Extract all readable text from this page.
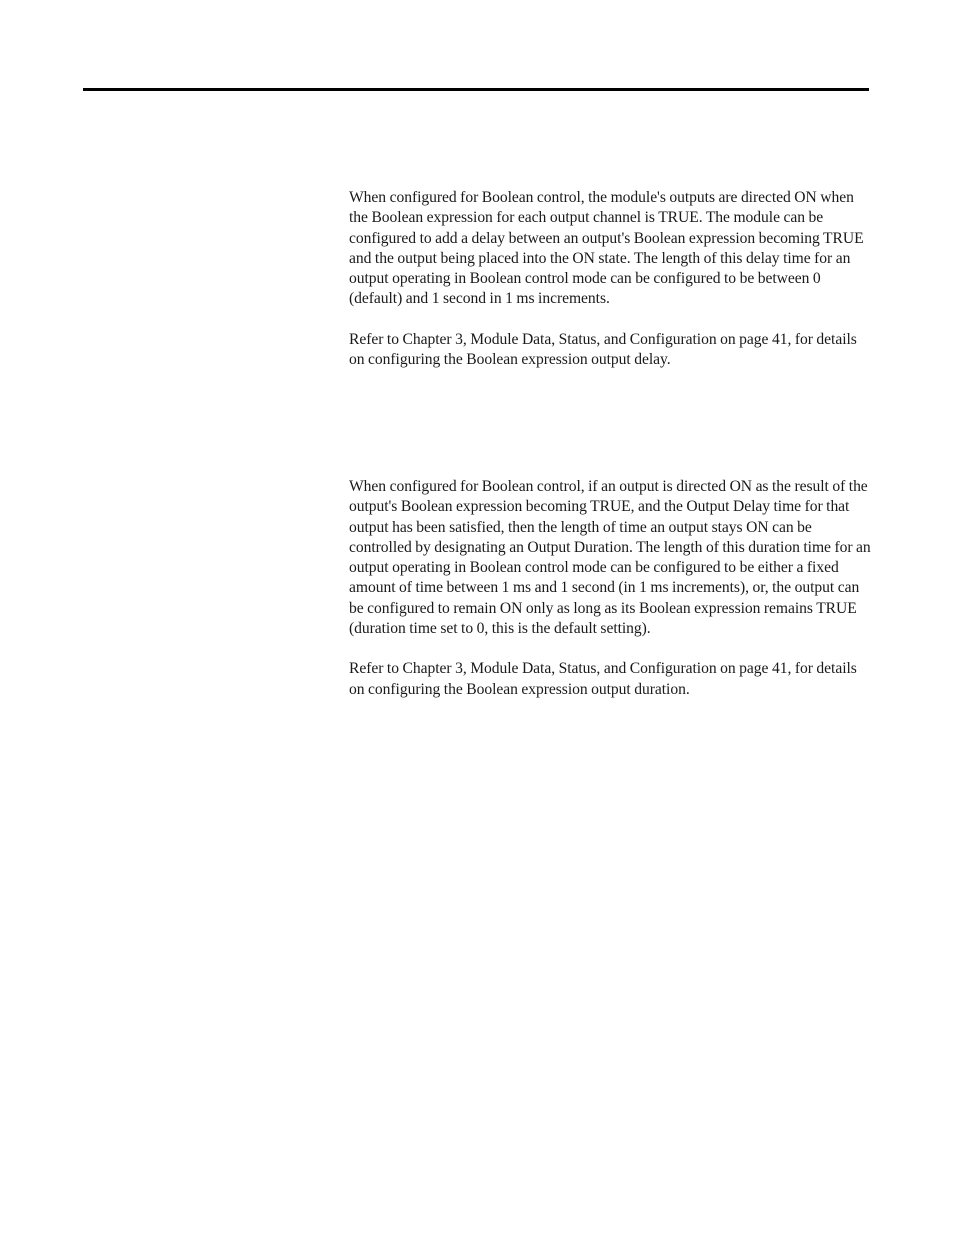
When configured for Boolean control, the module's outputs are directed ON when the Boolean expression for each output channel is TRUE. The module can be configured to add a delay between an output's Boolean expression becoming TRUE and the output being placed into the ON state. The length of this delay time for an output operating in Boolean control mode can be configured to be between 0 (default) and 1 second in 1 ms increments.

Refer to Chapter 3, Module Data, Status, and Configuration on page 41, for details on configuring the Boolean expression output delay.

When configured for Boolean control, if an output is directed ON as the result of the output's Boolean expression becoming TRUE, and the Output Delay time for that output has been satisfied, then the length of time an output stays ON can be controlled by designating an Output Duration. The length of this duration time for an output operating in Boolean control mode can be configured to be either a fixed amount of time between 1 ms and 1 second (in 1 ms increments), or, the output can be configured to remain ON only as long as its Boolean expression remains TRUE (duration time set to 0, this is the default setting).

Refer to Chapter 3, Module Data, Status, and Configuration on page 41, for details on configuring the Boolean expression output duration.
